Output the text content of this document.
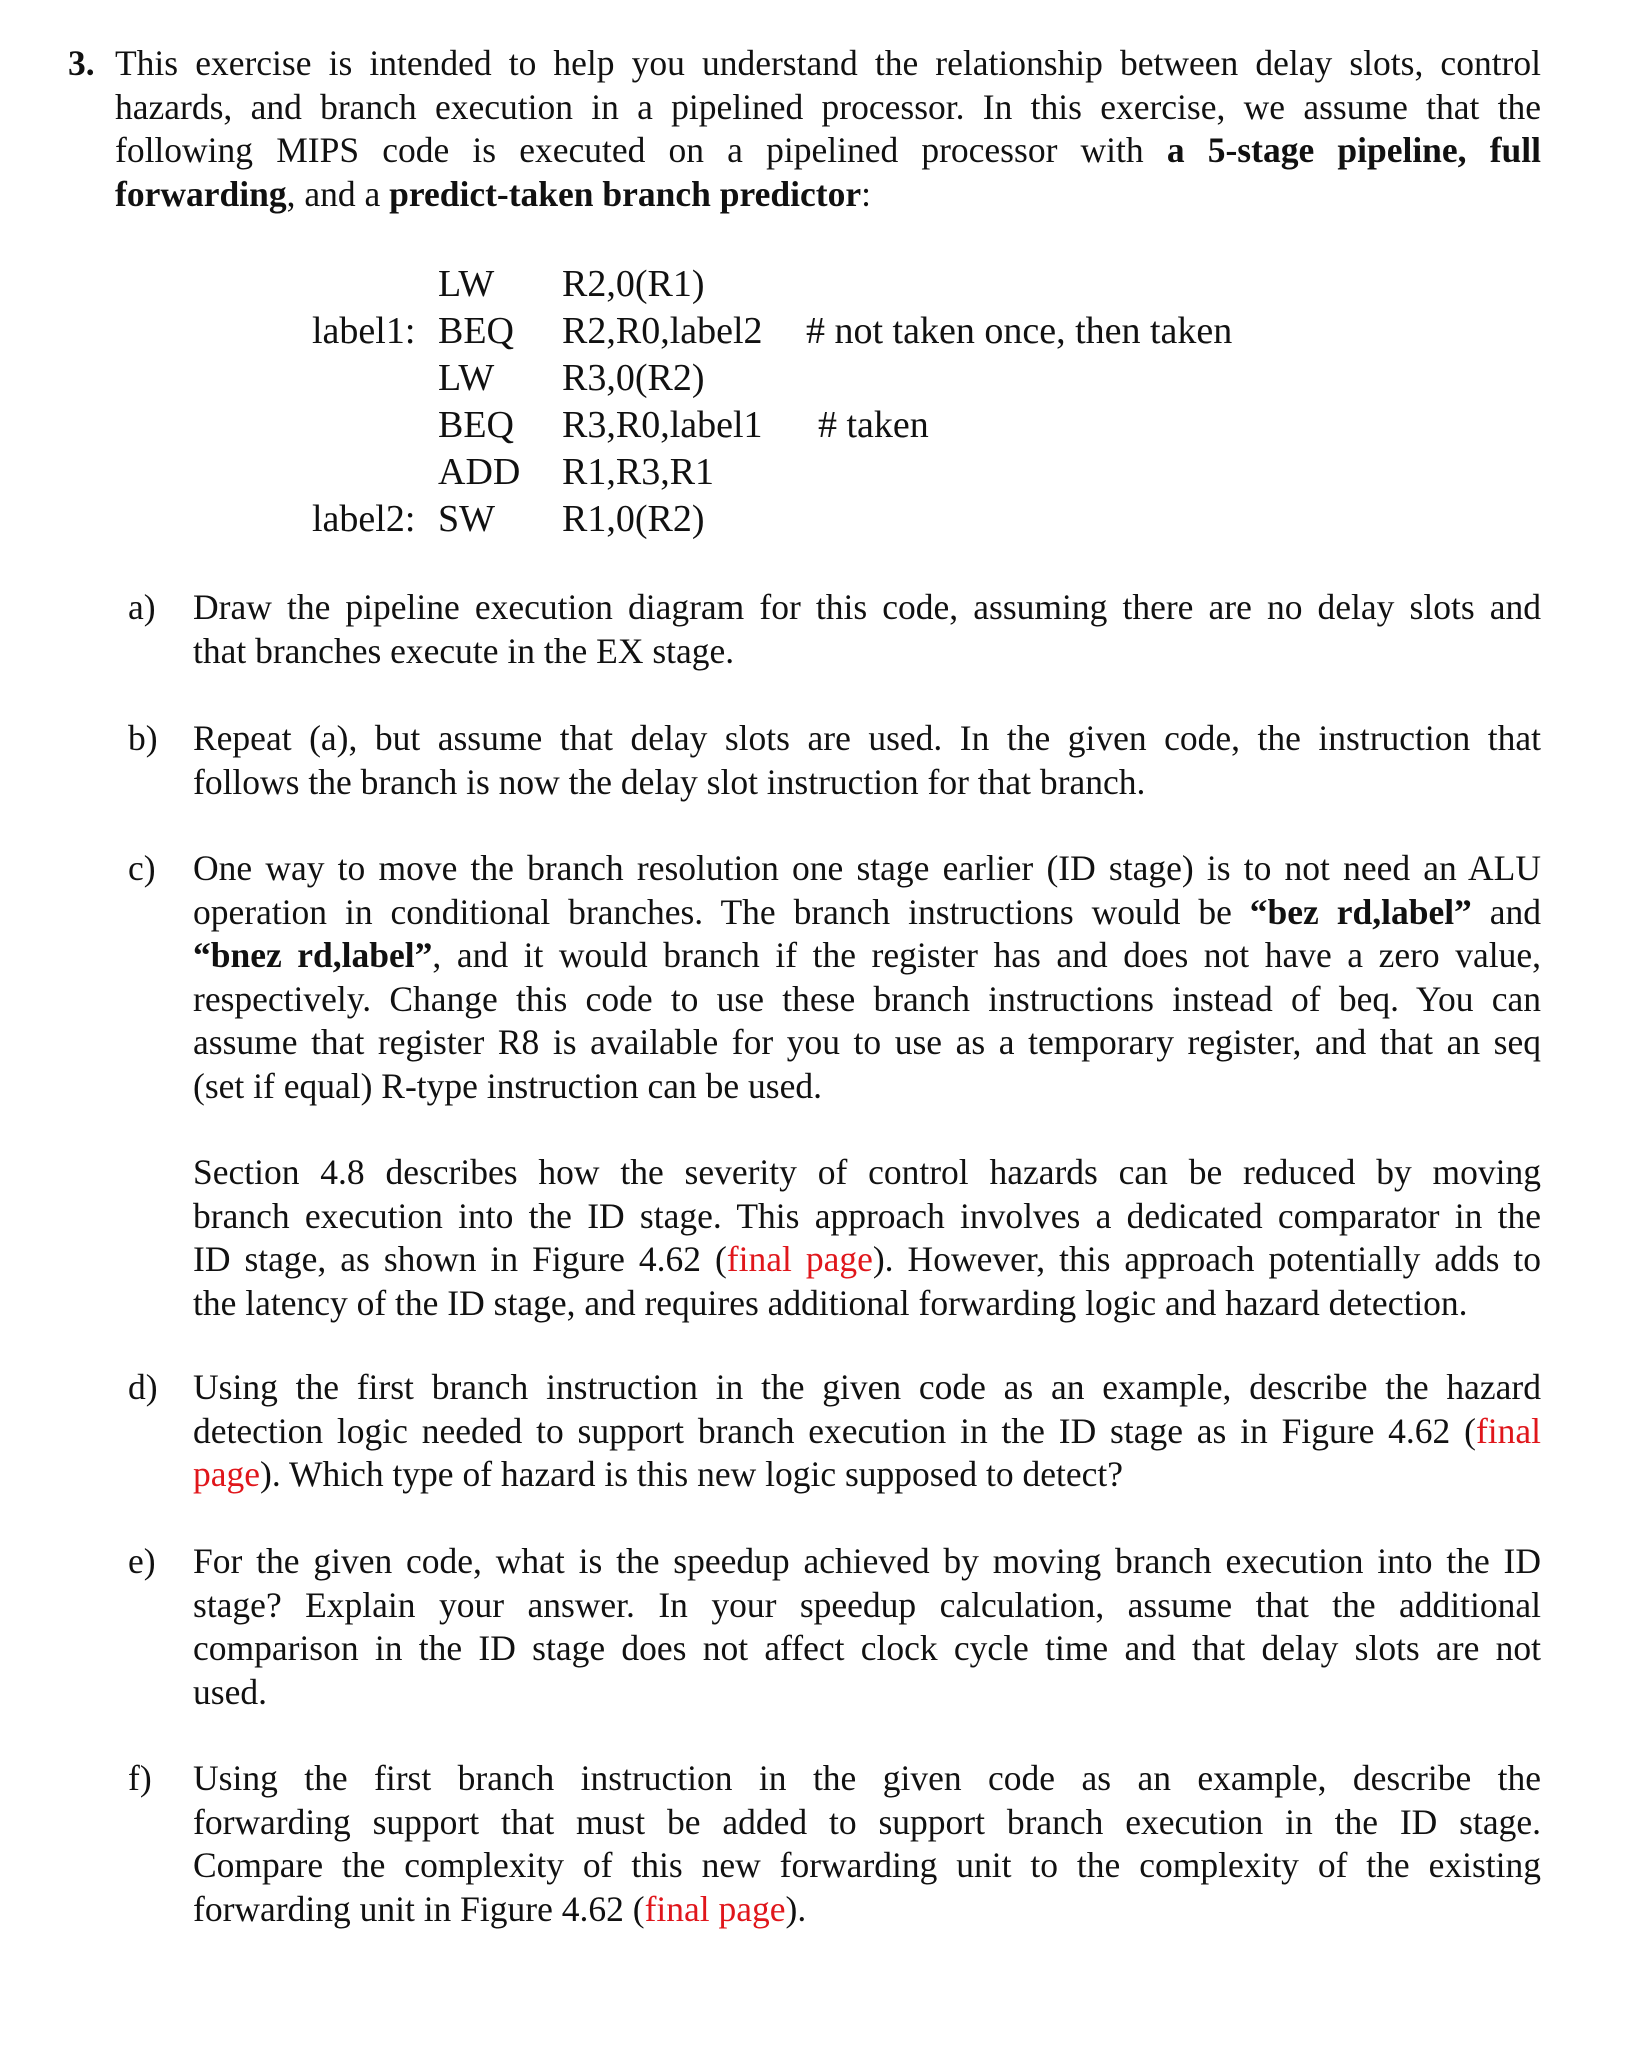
3. This exercise is intended to help you understand the relationship between delay slots, control
hazards, and branch execution in a pipelined processor. In this exercise, we assume that the
following MIPS code is executed on a pipelined processor with a 5-stage pipeline, full
forwarding, and a predict-taken branch predictor:
LW R2,0(R1)
label1: BEQ R2,R0,label2 # not taken once, then taken
LW R3,0(R2)
BEQ R3,R0,label1 # taken
ADD R1,R3,R1
label2: SW R1,0(R2)
a) Draw the pipeline execution diagram for this code, assuming there are no delay slots and
that branches execute in the EX stage.
b) Repeat (a), but assume that delay slots are used. In the given code, the instruction that
follows the branch is now the delay slot instruction for that branch.
c) One way to move the branch resolution one stage earlier (ID stage) is to not need an ALU
operation in conditional branches. The branch instructions would be “bez rd,label” and
“bnez rd,label”, and it would branch if the register has and does not have a zero value,
respectively. Change this code to use these branch instructions instead of beq. You can
assume that register R8 is available for you to use as a temporary register, and that an seq
(set if equal) R-type instruction can be used.
Section 4.8 describes how the severity of control hazards can be reduced by moving
branch execution into the ID stage. This approach involves a dedicated comparator in the
ID stage, as shown in Figure 4.62 (final page). However, this approach potentially adds to
the latency of the ID stage, and requires additional forwarding logic and hazard detection.
d) Using the first branch instruction in the given code as an example, describe the hazard
detection logic needed to support branch execution in the ID stage as in Figure 4.62 (final
page). Which type of hazard is this new logic supposed to detect?
e) For the given code, what is the speedup achieved by moving branch execution into the ID
stage? Explain your answer. In your speedup calculation, assume that the additional
comparison in the ID stage does not affect clock cycle time and that delay slots are not
used.
f) Using the first branch instruction in the given code as an example, describe the
forwarding support that must be added to support branch execution in the ID stage.
Compare the complexity of this new forwarding unit to the complexity of the existing
forwarding unit in Figure 4.62 (final page).
